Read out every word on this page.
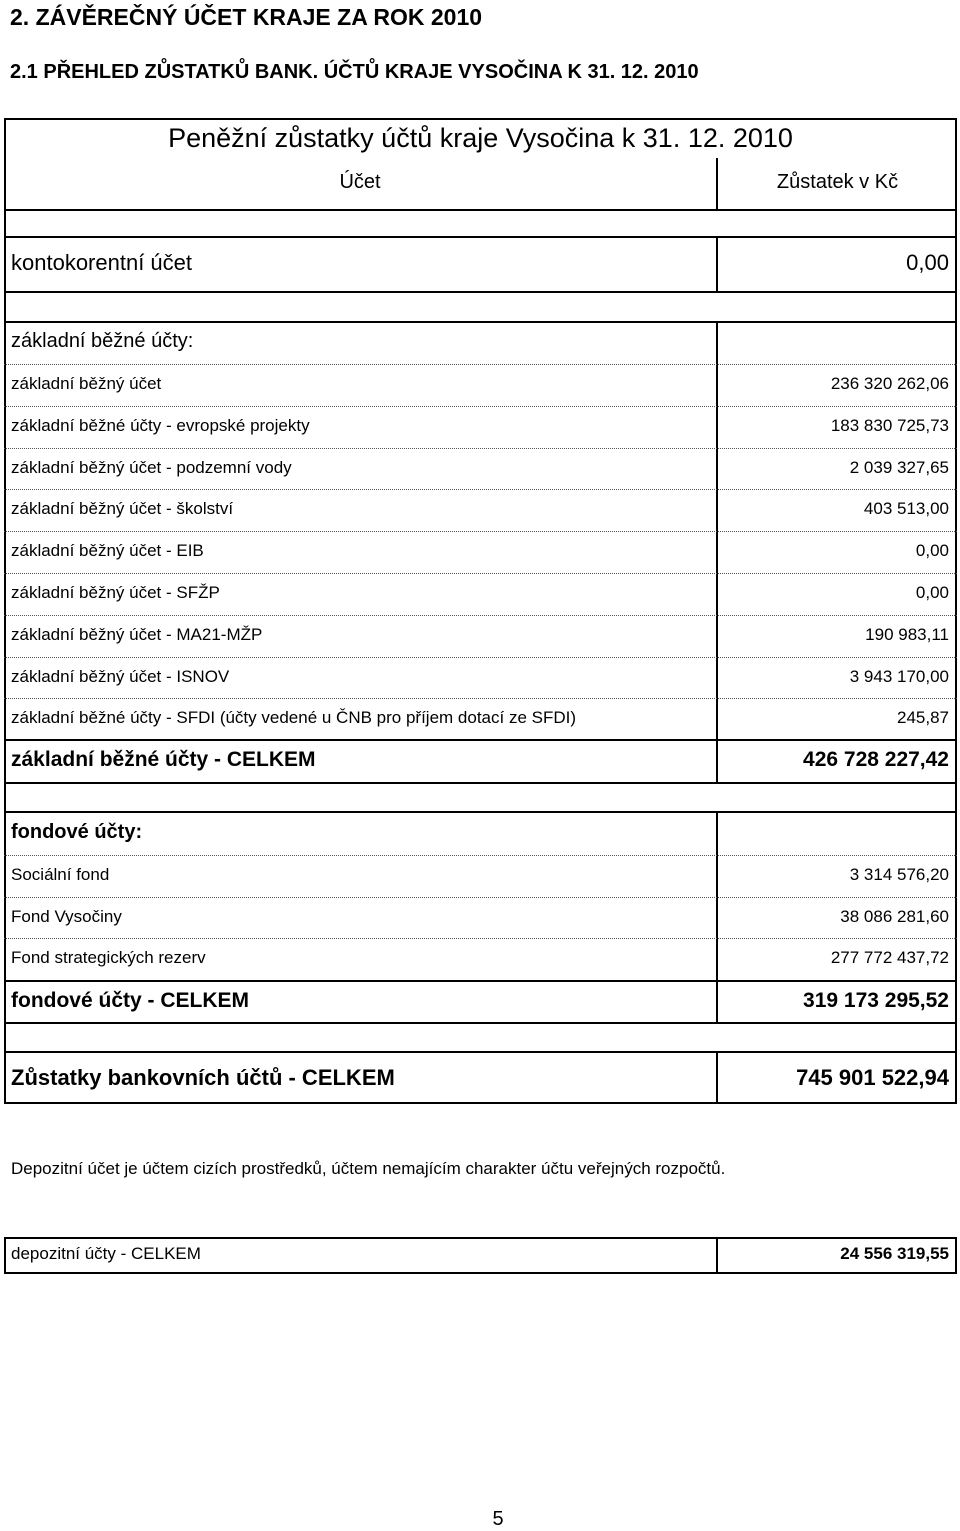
2. ZÁVĚREČNÝ ÚČET KRAJE ZA ROK 2010
2.1 PŘEHLED ZŮSTATKŮ BANK. ÚČTŮ KRAJE VYSOČINA K 31. 12. 2010
Peněžní zůstatky účtů kraje Vysočina k 31. 12. 2010
Účet	Zůstatek v Kč
kontokorentní účet	0,00
základní běžné účty:
základní běžný účet	236 320 262,06
základní běžné účty - evropské projekty	183 830 725,73
základní běžný účet - podzemní vody	2 039 327,65
základní běžný účet - školství	403 513,00
základní běžný účet - EIB	0,00
základní běžný účet - SFŽP	0,00
základní běžný účet - MA21-MŽP	190 983,11
základní běžný účet - ISNOV	3 943 170,00
základní běžné účty - SFDI (účty vedené u ČNB pro příjem dotací ze SFDI)	245,87
základní běžné účty - CELKEM	426 728 227,42
fondové účty:
Sociální fond	3 314 576,20
Fond Vysočiny	38 086 281,60
Fond strategických rezerv	277 772 437,72
fondové účty - CELKEM	319 173 295,52
Zůstatky bankovních účtů - CELKEM	745 901 522,94
Depozitní účet je účtem cizích prostředků, účtem nemajícím charakter účtu veřejných rozpočtů.
depozitní účty - CELKEM	24 556 319,55
5
